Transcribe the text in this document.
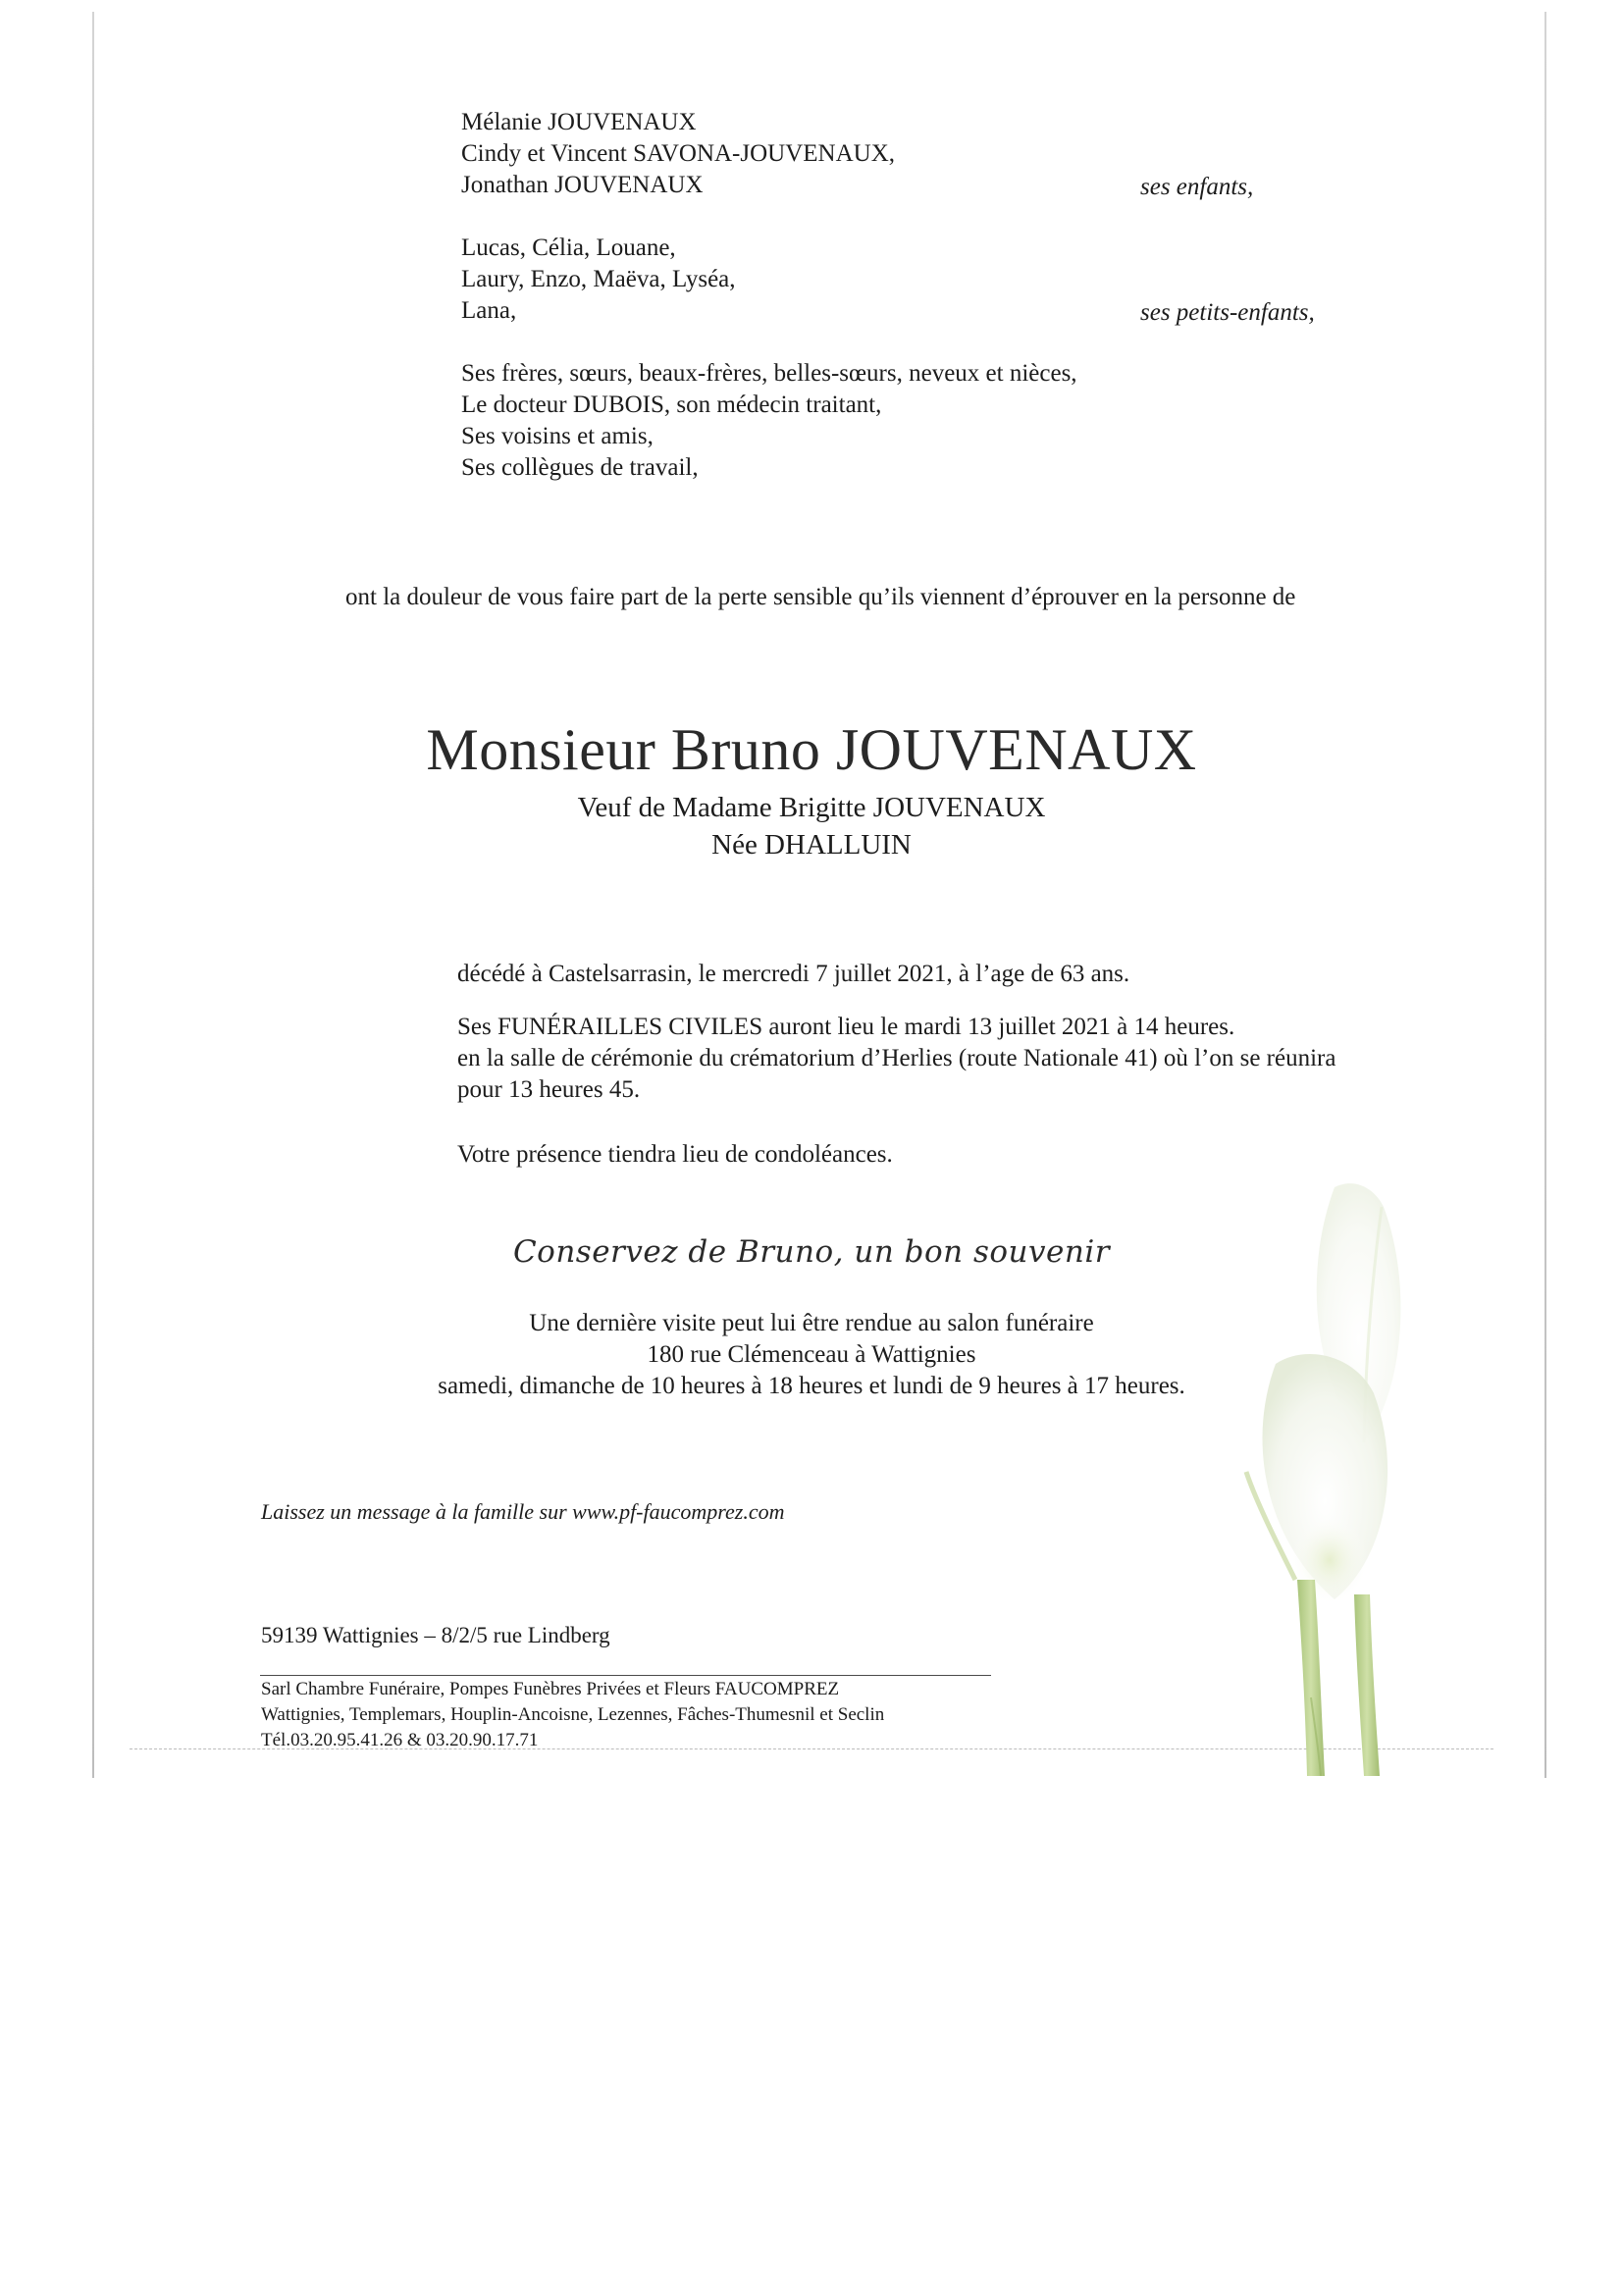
Mélanie JOUVENAUX
Cindy et Vincent SAVONA-JOUVENAUX,
Jonathan JOUVENAUX	ses enfants,
Lucas, Célia, Louane,
Laury, Enzo, Maëva, Lyséa,
Lana,	ses petits-enfants,
Ses frères, sœurs, beaux-frères, belles-sœurs, neveux et nièces,
Le docteur DUBOIS, son médecin traitant,
Ses voisins et amis,
Ses collègues de travail,
ont la douleur de vous faire part de la perte sensible qu’ils viennent d’éprouver en la personne de
Monsieur Bruno JOUVENAUX
Veuf de Madame Brigitte JOUVENAUX
Née DHALLUIN
décédé à Castelsarrasin, le mercredi 7 juillet 2021, à l’age de 63 ans.
Ses FUNÉRAILLES CIVILES auront lieu le mardi 13 juillet 2021 à 14 heures.
en la salle de cérémonie du crématorium d’Herlies (route Nationale 41) où l’on se réunira
pour 13 heures 45.
Votre présence tiendra lieu de condoléances.
Conservez de Bruno, un bon souvenir
Une dernière visite peut lui être rendue au salon funéraire
180 rue Clémenceau à Wattignies
samedi, dimanche de 10 heures à 18 heures et lundi de 9 heures à 17 heures.
Laissez un message à la famille sur www.pf-faucomprez.com
59139 Wattignies – 8/2/5 rue Lindberg
Sarl Chambre Funéraire, Pompes Funèbres Privées et Fleurs FAUCOMPREZ
Wattignies, Templemars, Houplin-Ancoisne, Lezennes, Fâches-Thumesnil et Seclin
Tél.03.20.95.41.26 & 03.20.90.17.71
